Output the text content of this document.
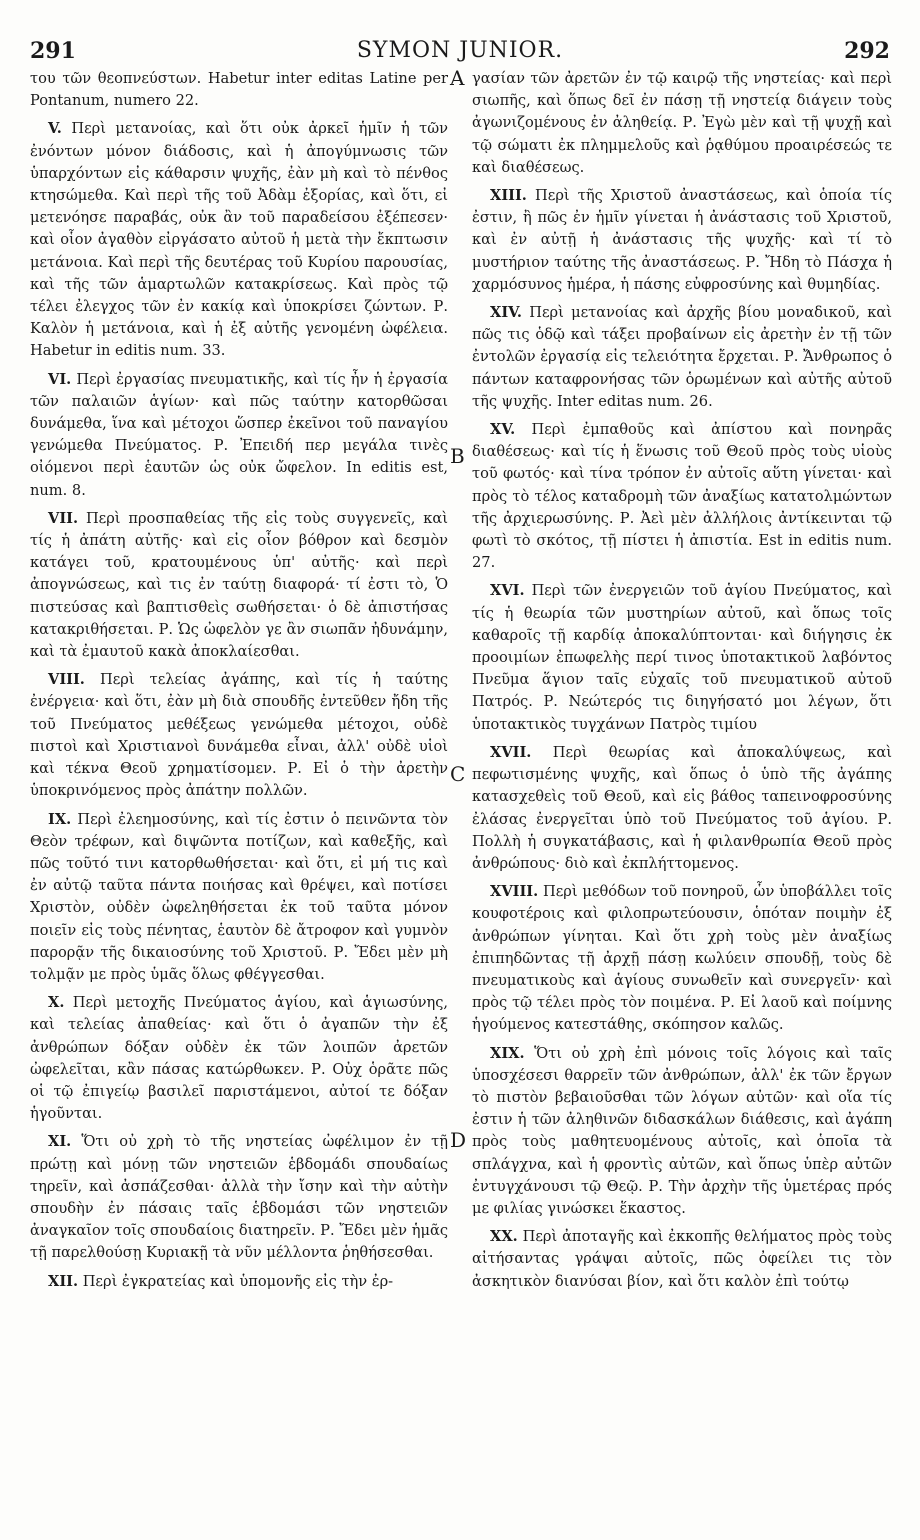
291	SYMON JUNIOR.	292
A
B
C
D

του τῶν θεοπνεύστων. Habetur inter editas Latine per Pontanum, numero 22.

V. Περὶ μετανοίας, καὶ ὅτι οὐκ ἀρκεῖ ἡμῖν ἡ τῶν ἐνόντων μόνον διάδοσις, καὶ ἡ ἀπογύμνωσις τῶν ὑπαρχόντων εἰς κάθαρσιν ψυχῆς, ἐὰν μὴ καὶ τὸ πένθος κτησώμεθα. Καὶ περὶ τῆς τοῦ Ἀδὰμ ἐξορίας, καὶ ὅτι, εἰ μετενόησε παραβάς, οὐκ ἂν τοῦ παραδείσου ἐξέπεσεν· καὶ οἷον ἀγαθὸν εἰργάσατο αὐτοῦ ἡ μετὰ τὴν ἔκπτωσιν μετάνοια. Καὶ περὶ τῆς δευτέρας τοῦ Κυρίου παρουσίας, καὶ τῆς τῶν ἁμαρτωλῶν κατακρίσεως. Καὶ πρὸς τῷ τέλει ἐλεγχος τῶν ἐν κακίᾳ καὶ ὑποκρίσει ζώντων. Ρ. Καλὸν ἡ μετάνοια, καὶ ἡ ἐξ αὐτῆς γενομένη ὠφέλεια. Habetur in editis num. 33.

VI. Περὶ ἐργασίας πνευματικῆς, καὶ τίς ἦν ἡ ἐργασία τῶν παλαιῶν ἁγίων· καὶ πῶς ταύτην κατορθῶσαι δυνάμεθα, ἵνα καὶ μέτοχοι ὥσπερ ἐκεῖνοι τοῦ παναγίου γενώμεθα Πνεύματος. Ρ. Ἐπειδή περ μεγάλα τινὲς οἰόμενοι περὶ ἑαυτῶν ὡς οὐκ ὤφελον. In editis est, num. 8.

VII. Περὶ προσπαθείας τῆς εἰς τοὺς συγγενεῖς, καὶ τίς ἡ ἀπάτη αὐτῆς· καὶ εἰς οἷον βόθρον καὶ δεσμὸν κατάγει τοῦ, κρατουμένους ὑπ' αὐτῆς· καὶ περὶ ἀπογνώσεως, καὶ τις ἐν ταύτῃ διαφορά· τί ἐστι τὸ, Ὁ πιστεύσας καὶ βαπτισθεὶς σωθήσεται· ὁ δὲ ἀπιστήσας κατακριθήσεται. Ρ. Ὡς ὠφελὸν γε ἂν σιωπᾶν ἠδυνάμην, καὶ τὰ ἐμαυτοῦ κακὰ ἀποκλαίεσθαι.

VIII. Περὶ τελείας ἀγάπης, καὶ τίς ἡ ταύτης ἐνέργεια· καὶ ὅτι, ἐὰν μὴ διὰ σπουδῆς ἐντεῦθεν ἤδη τῆς τοῦ Πνεύματος μεθέξεως γενώμεθα μέτοχοι, οὐδὲ πιστοὶ καὶ Χριστιανοὶ δυνάμεθα εἶναι, ἀλλ' οὐδὲ υἱοὶ καὶ τέκνα Θεοῦ χρηματίσομεν. Ρ. Εἰ ὁ τὴν ἀρετὴν ὑποκρινόμενος πρὸς ἀπάτην πολλῶν.

IX. Περὶ ἐλεημοσύνης, καὶ τίς ἐστιν ὁ πεινῶντα τὸν Θεὸν τρέφων, καὶ διψῶντα ποτίζων, καὶ καθεξῆς, καὶ πῶς τοῦτό τινι κατορθωθήσεται· καὶ ὅτι, εἰ μή τις καὶ ἐν αὐτῷ ταῦτα πάντα ποιήσας καὶ θρέψει, καὶ ποτίσει Χριστὸν, οὐδὲν ὠφεληθήσεται ἐκ τοῦ ταῦτα μόνον ποιεῖν εἰς τοὺς πένητας, ἑαυτὸν δὲ ἄτροφον καὶ γυμνὸν παρορᾷν τῆς δικαιοσύνης τοῦ Χριστοῦ. Ρ. Ἔδει μὲν μὴ τολμᾷν με πρὸς ὑμᾶς ὅλως φθέγγεσθαι.

X. Περὶ μετοχῆς Πνεύματος ἁγίου, καὶ ἁγιωσύνης, καὶ τελείας ἀπαθείας· καὶ ὅτι ὁ ἀγαπῶν τὴν ἐξ ἀνθρώπων δόξαν οὐδὲν ἐκ τῶν λοιπῶν ἀρετῶν ὠφελεῖται, κἂν πάσας κατώρθωκεν. Ρ. Οὐχ ὁρᾶτε πῶς οἱ τῷ ἐπιγείῳ βασιλεῖ παριστάμενοι, αὐτοί τε δόξαν ἡγοῦνται.

XI. Ὅτι οὐ χρὴ τὸ τῆς νηστείας ὠφέλιμον ἐν τῇ πρώτῃ καὶ μόνῃ τῶν νηστειῶν ἑβδομάδι σπουδαίως τηρεῖν, καὶ ἀσπάζεσθαι· ἀλλὰ τὴν ἴσην καὶ τὴν αὐτὴν σπουδὴν ἐν πάσαις ταῖς ἑβδομάσι τῶν νηστειῶν ἀναγκαῖον τοῖς σπουδαίοις διατηρεῖν. Ρ. Ἔδει μὲν ἡμᾶς τῇ παρελθούσῃ Κυριακῇ τὰ νῦν μέλλοντα ῥηθήσεσθαι.

XII. Περὶ ἐγκρατείας καὶ ὑπομονῆς εἰς τὴν ἐρ-

γασίαν τῶν ἀρετῶν ἐν τῷ καιρῷ τῆς νηστείας· καὶ περὶ σιωπῆς, καὶ ὅπως δεῖ ἐν πάσῃ τῇ νηστείᾳ διάγειν τοὺς ἀγωνιζομένους ἐν ἀληθείᾳ. Ρ. Ἐγὼ μὲν καὶ τῇ ψυχῇ καὶ τῷ σώματι ἐκ πλημμελοῦς καὶ ῥᾳθύμου προαιρέσεώς τε καὶ διαθέσεως.

XIII. Περὶ τῆς Χριστοῦ ἀναστάσεως, καὶ ὁποία τίς ἐστιν, ἢ πῶς ἐν ἡμῖν γίνεται ἡ ἀνάστασις τοῦ Χριστοῦ, καὶ ἐν αὐτῇ ἡ ἀνάστασις τῆς ψυχῆς· καὶ τί τὸ μυστήριον ταύτης τῆς ἀναστάσεως. Ρ. Ἤδη τὸ Πάσχα ἡ χαρμόσυνος ἡμέρα, ἡ πάσης εὐφροσύνης καὶ θυμηδίας.

XIV. Περὶ μετανοίας καὶ ἀρχῆς βίου μοναδικοῦ, καὶ πῶς τις ὁδῷ καὶ τάξει προβαίνων εἰς ἀρετὴν ἐν τῇ τῶν ἐντολῶν ἐργασίᾳ εἰς τελειότητα ἔρχεται. Ρ. Ἄνθρωπος ὁ πάντων καταφρονήσας τῶν ὁρωμένων καὶ αὐτῆς αὐτοῦ τῆς ψυχῆς. Inter editas num. 26.

XV. Περὶ ἐμπαθοῦς καὶ ἀπίστου καὶ πονηρᾶς διαθέσεως· καὶ τίς ἡ ἕνωσις τοῦ Θεοῦ πρὸς τοὺς υἱοὺς τοῦ φωτός· καὶ τίνα τρόπον ἐν αὐτοῖς αὕτη γίνεται· καὶ πρὸς τὸ τέλος καταδρομὴ τῶν ἀναξίως κατατολμώντων τῆς ἀρχιερωσύνης. Ρ. Ἀεὶ μὲν ἀλλήλοις ἀντίκεινται τῷ φωτὶ τὸ σκότος, τῇ πίστει ἡ ἀπιστία. Est in editis num. 27.

XVI. Περὶ τῶν ἐνεργειῶν τοῦ ἁγίου Πνεύματος, καὶ τίς ἡ θεωρία τῶν μυστηρίων αὐτοῦ, καὶ ὅπως τοῖς καθαροῖς τῇ καρδίᾳ ἀποκαλύπτονται· καὶ διήγησις ἐκ προοιμίων ἐπωφελὴς περί τινος ὑποτακτικοῦ λαβόντος Πνεῦμα ἅγιον ταῖς εὐχαῖς τοῦ πνευματικοῦ αὐτοῦ Πατρός. Ρ. Νεώτερός τις διηγήσατό μοι λέγων, ὅτι ὑποτακτικὸς τυγχάνων Πατρὸς τιμίου

XVII. Περὶ θεωρίας καὶ ἀποκαλύψεως, καὶ πεφωτισμένης ψυχῆς, καὶ ὅπως ὁ ὑπὸ τῆς ἀγάπης κατασχεθεὶς τοῦ Θεοῦ, καὶ εἰς βάθος ταπεινοφροσύνης ἐλάσας ἐνεργεῖται ὑπὸ τοῦ Πνεύματος τοῦ ἁγίου. Ρ. Πολλὴ ἡ συγκατάβασις, καὶ ἡ φιλανθρωπία Θεοῦ πρὸς ἀνθρώπους· διὸ καὶ ἐκπλήττομενος.

XVIII. Περὶ μεθόδων τοῦ πονηροῦ, ὧν ὑποβάλλει τοῖς κουφοτέροις καὶ φιλοπρωτεύουσιν, ὁπόταν ποιμὴν ἐξ ἀνθρώπων γίνηται. Καὶ ὅτι χρὴ τοὺς μὲν ἀναξίως ἐπιπηδῶντας τῇ ἀρχῇ πάσῃ κωλύειν σπουδῇ, τοὺς δὲ πνευματικοὺς καὶ ἁγίους συνωθεῖν καὶ συνεργεῖν· καὶ πρὸς τῷ τέλει πρὸς τὸν ποιμένα. Ρ. Εἰ λαοῦ καὶ ποίμνης ἡγούμενος κατεστάθης, σκόπησον καλῶς.

XIX. Ὅτι οὐ χρὴ ἐπὶ μόνοις τοῖς λόγοις καὶ ταῖς ὑποσχέσεσι θαρρεῖν τῶν ἀνθρώπων, ἀλλ' ἐκ τῶν ἔργων τὸ πιστὸν βεβαιοῦσθαι τῶν λόγων αὐτῶν· καὶ οἵα τίς ἐστιν ἡ τῶν ἀληθινῶν διδασκάλων διάθεσις, καὶ ἀγάπη πρὸς τοὺς μαθητευομένους αὐτοῖς, καὶ ὁποῖα τὰ σπλάγχνα, καὶ ἡ φροντὶς αὐτῶν, καὶ ὅπως ὑπὲρ αὐτῶν ἐντυγχάνουσι τῷ Θεῷ. Ρ. Τὴν ἀρχὴν τῆς ὑμετέρας πρός με φιλίας γινώσκει ἕκαστος.

XX. Περὶ ἀποταγῆς καὶ ἐκκοπῆς θελήματος πρὸς τοὺς αἰτήσαντας γράψαι αὐτοῖς, πῶς ὀφείλει τις τὸν ἀσκητικὸν διανύσαι βίον, καὶ ὅτι καλὸν ἐπὶ τούτῳ
